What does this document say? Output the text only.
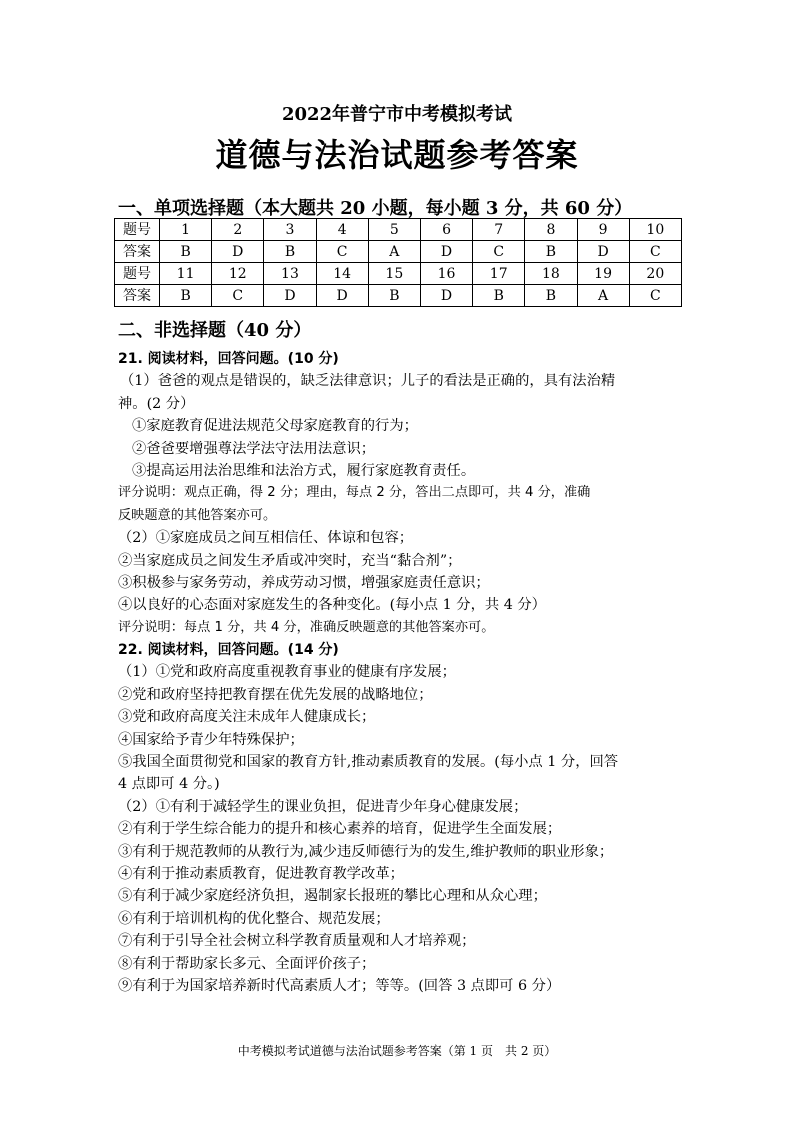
2022年普宁市中考模拟考试
道德与法治试题参考答案
一、单项选择题（本大题共 20 小题，每小题 3 分，共 60 分）
题号	1	2	3	4	5	6	7	8	9	10
答案	B	D	B	C	A	D	C	B	D	C
题号	11	12	13	14	15	16	17	18	19	20
答案	B	C	D	D	B	D	B	B	A	C
二、非选择题（40 分）

21. 阅读材料，回答问题。(10 分)

（1）爸爸的观点是错误的，缺乏法律意识；儿子的看法是正确的，具有法治精

神。(2 分）

①家庭教育促进法规范父母家庭教育的行为；

②爸爸要增强尊法学法守法用法意识；

③提高运用法治思维和法治方式，履行家庭教育责任。

评分说明：观点正确，得 2 分；理由，每点 2 分，答出二点即可，共 4 分，准确

反映题意的其他答案亦可。

（2）①家庭成员之间互相信任、体谅和包容；

②当家庭成员之间发生矛盾或冲突时，充当“黏合剂”；

③积极参与家务劳动，养成劳动习惯，增强家庭责任意识；

④以良好的心态面对家庭发生的各种变化。(每小点 1 分，共 4 分）

评分说明：每点 1 分，共 4 分，准确反映题意的其他答案亦可。

22. 阅读材料，回答问题。(14 分)

（1）①党和政府高度重视教育事业的健康有序发展；

②党和政府坚持把教育摆在优先发展的战略地位；

③党和政府高度关注未成年人健康成长；

④国家给予青少年特殊保护；

⑤我国全面贯彻党和国家的教育方针,推动素质教育的发展。(每小点 1 分，回答

4 点即可 4 分。)

（2）①有利于减轻学生的课业负担，促进青少年身心健康发展；

②有利于学生综合能力的提升和核心素养的培育，促进学生全面发展；

③有利于规范教师的从教行为,减少违反师德行为的发生,维护教师的职业形象；

④有利于推动素质教育，促进教育教学改革；

⑤有利于减少家庭经济负担，遏制家长报班的攀比心理和从众心理；

⑥有利于培训机构的优化整合、规范发展；

⑦有利于引导全社会树立科学教育质量观和人才培养观；

⑧有利于帮助家长多元、全面评价孩子；

⑨有利于为国家培养新时代高素质人才；等等。(回答 3 点即可 6 分）

中考模拟考试道德与法治试题参考答案（第 1 页　共 2 页）
